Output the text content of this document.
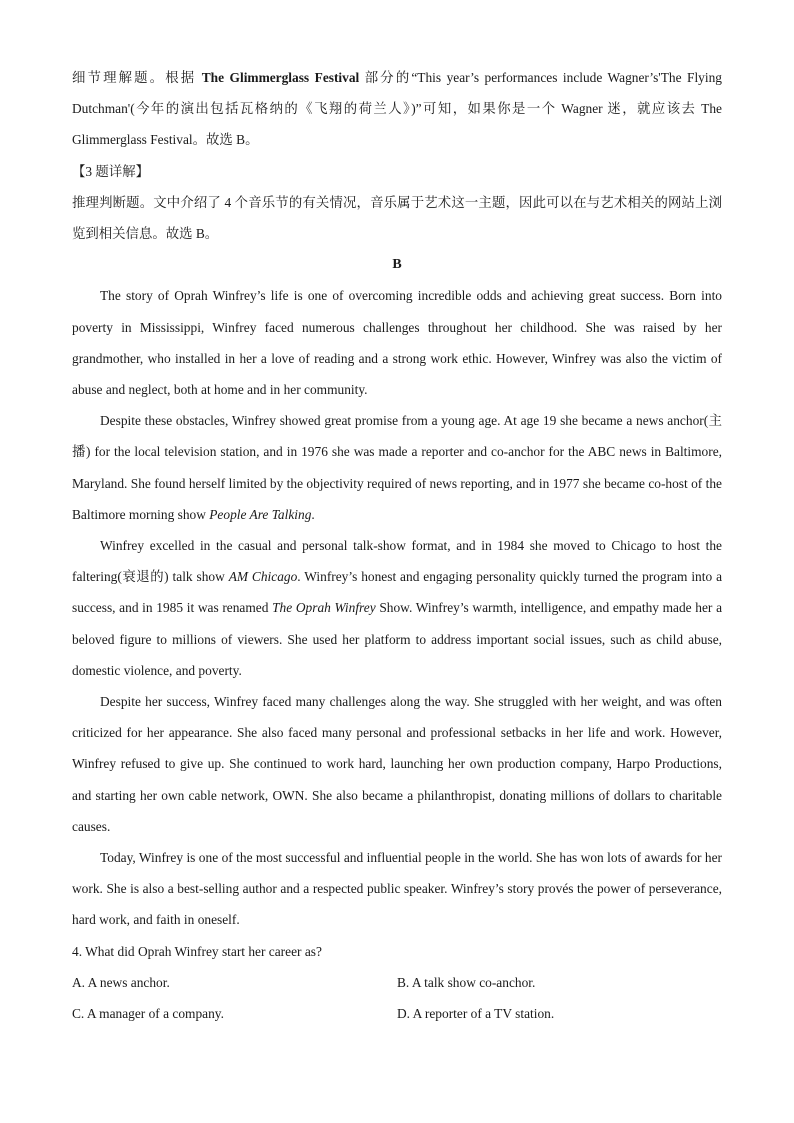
细节理解题。根据 The Glimmerglass Festival 部分的“This year’s performances include Wagner’s'The Flying Dutchman'(今年的演出包括瓦格纳的《飞翔的荷兰人》)”可知，如果你是一个 Wagner 迷，就应该去 The Glimmerglass Festival。故选 B。

【3 题详解】

推理判断题。文中介绍了 4 个音乐节的有关情况，音乐属于艺术这一主题，因此可以在与艺术相关的网站上浏览到相关信息。故选 B。

B

The story of Oprah Winfrey’s life is one of overcoming incredible odds and achieving great success. Born into poverty in Mississippi, Winfrey faced numerous challenges throughout her childhood. She was raised by her grandmother, who installed in her a love of reading and a strong work ethic. However, Winfrey was also the victim of abuse and neglect, both at home and in her community.

Despite these obstacles, Winfrey showed great promise from a young age. At age 19 she became a news anchor(主播) for the local television station, and in 1976 she was made a reporter and co-anchor for the ABC news in Baltimore, Maryland. She found herself limited by the objectivity required of news reporting, and in 1977 she became co-host of the Baltimore morning show People Are Talking.

Winfrey excelled in the casual and personal talk-show format, and in 1984 she moved to Chicago to host the faltering(衰退的) talk show AM Chicago. Winfrey’s honest and engaging personality quickly turned the program into a success, and in 1985 it was renamed The Oprah Winfrey Show. Winfrey’s warmth, intelligence, and empathy made her a beloved figure to millions of viewers. She used her platform to address important social issues, such as child abuse, domestic violence, and poverty.

Despite her success, Winfrey faced many challenges along the way. She struggled with her weight, and was often criticized for her appearance. She also faced many personal and professional setbacks in her life and work. However, Winfrey refused to give up. She continued to work hard, launching her own production company, Harpo Productions, and starting her own cable network, OWN. She also became a philanthropist, donating millions of dollars to charitable causes.

Today, Winfrey is one of the most successful and influential people in the world. She has won lots of awards for her work. She is also a best-selling author and a respected public speaker. Winfrey’s story provés the power of perseverance, hard work, and faith in oneself.

4. What did Oprah Winfrey start her career as?

A. A news anchor.	B. A talk show co-anchor.
C. A manager of a company.	D. A reporter of a TV station.
